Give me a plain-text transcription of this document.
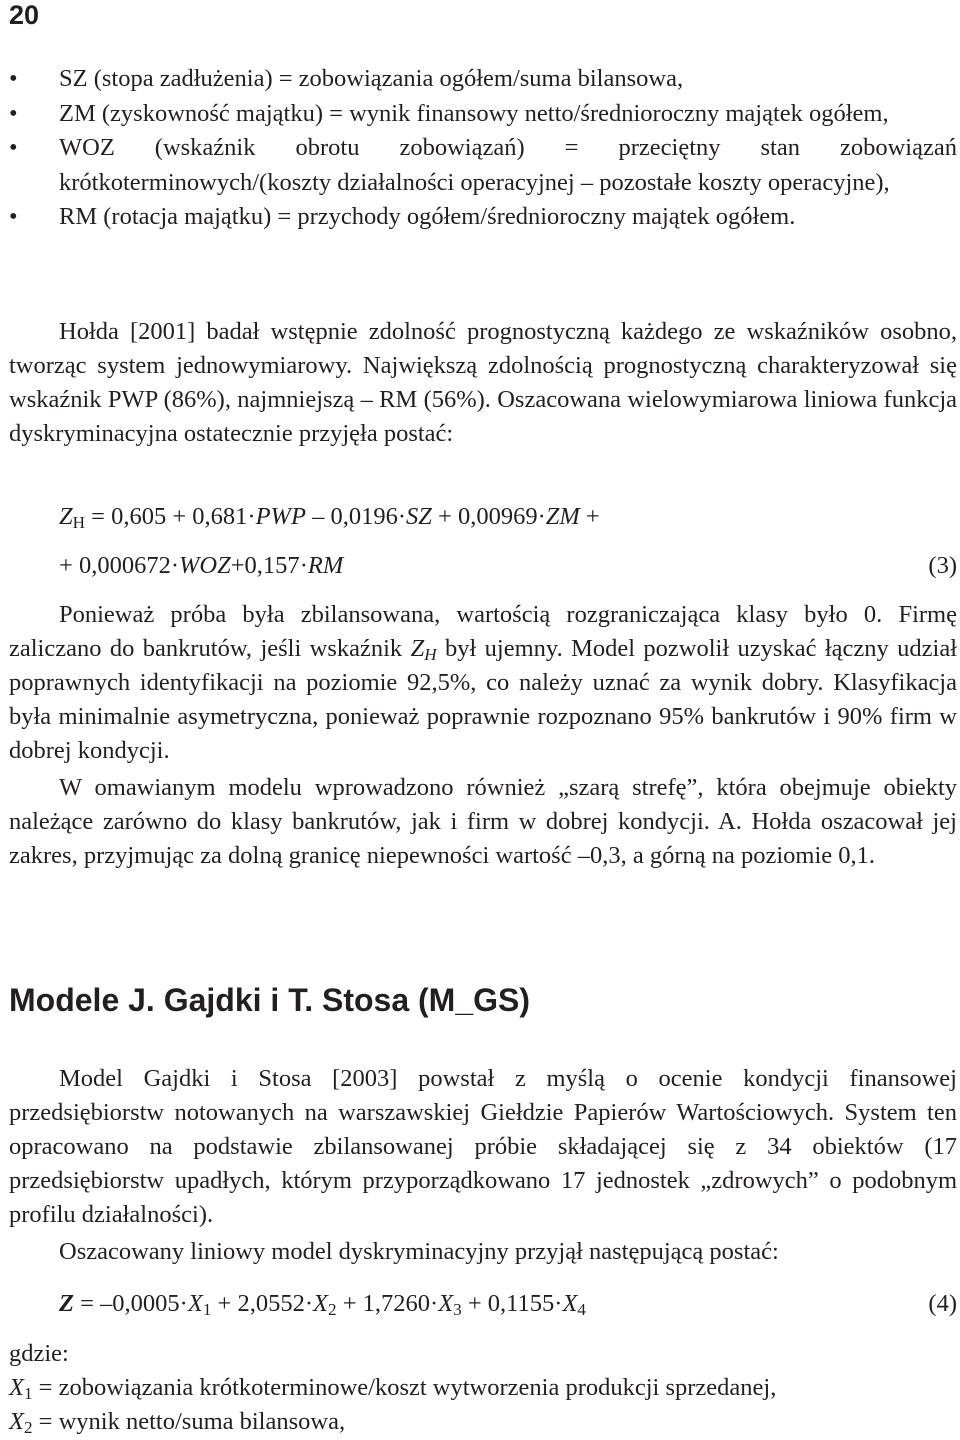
20
• SZ (stopa zadłużenia) = zobowiązania ogółem/suma bilansowa,
• ZM (zyskowność majątku) = wynik finansowy netto/średnioroczny majątek ogółem,
• WOZ (wskaźnik obrotu zobowiązań) = przeciętny stan zobowiązań krótkoterminowych/(koszty działalności operacyjnej – pozostałe koszty operacyjne),
• RM (rotacja majątku) = przychody ogółem/średnioroczny majątek ogółem.

Hołda [2001] badał wstępnie zdolność prognostyczną każdego ze wskaźników osobno, tworząc system jednowymiarowy. Największą zdolnością prognostyczną charakteryzował się wskaźnik PWP (86%), najmniejszą – RM (56%). Oszacowana wielowymiarowa liniowa funkcja dyskryminacyjna ostatecznie przyjęła postać:

$Z_H = 0,605 + 0,681\cdot PWP - 0,0196\cdot SZ + 0,00969\cdot ZM$ +
+ 0,000672·WOZ+0,157·RM	(3)

Ponieważ próba była zbilansowana, wartością rozgraniczająca klasy było 0. Firmę zaliczano do bankrutów, jeśli wskaźnik $Z_H$ był ujemny. Model pozwolił uzyskać łączny udział poprawnych identyfikacji na poziomie 92,5%, co należy uznać za wynik dobry. Klasyfikacja była minimalnie asymetryczna, ponieważ poprawnie rozpoznano 95% bankrutów i 90% firm w dobrej kondycji.

W omawianym modelu wprowadzono również „szarą strefę”, która obejmuje obiekty należące zarówno do klasy bankrutów, jak i firm w dobrej kondycji. A. Hołda oszacował jej zakres, przyjmując za dolną granicę niepewności wartość –0,3, a górną na poziomie 0,1.

Modele J. Gajdki i T. Stosa (M_GS)

Model Gajdki i Stosa [2003] powstał z myślą o ocenie kondycji finansowej przedsiębiorstw notowanych na warszawskiej Giełdzie Papierów Wartościowych. System ten opracowano na podstawie zbilansowanej próbie składającej się z 34 obiektów (17 przedsiębiorstw upadłych, którym przyporządkowano 17 jednostek „zdrowych” o podobnym profilu działalności).

Oszacowany liniowy model dyskryminacyjny przyjął następującą postać:

$Z = -0,0005\cdot X_1 + 2,0552\cdot X_2 + 1,7260\cdot X_3 + 0,1155\cdot X_4$	(4)
gdzie:
$X_1$ = zobowiązania krótkoterminowe/koszt wytworzenia produkcji sprzedanej,
$X_2$ = wynik netto/suma bilansowa,
